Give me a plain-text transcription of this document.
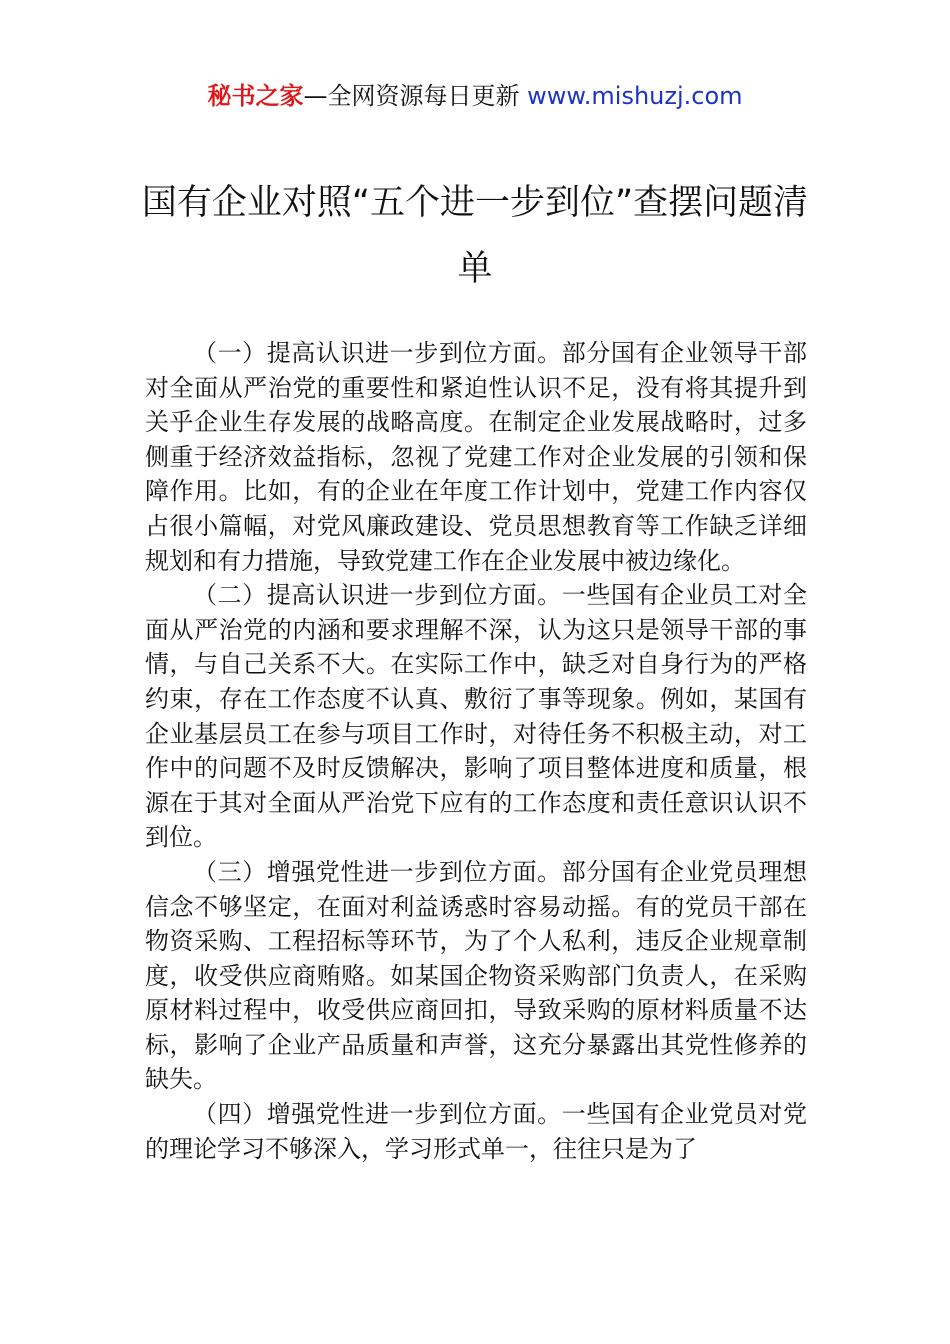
秘书之家—全网资源每日更新 www.mishuzj.com
国有企业对照“五个进一步到位”查摆问题清单

（一）提高认识进一步到位方面。部分国有企业领导干部对全面从严治党的重要性和紧迫性认识不足，没有将其提升到关乎企业生存发展的战略高度。在制定企业发展战略时，过多侧重于经济效益指标，忽视了党建工作对企业发展的引领和保障作用。比如，有的企业在年度工作计划中，党建工作内容仅占很小篇幅，对党风廉政建设、党员思想教育等工作缺乏详细规划和有力措施，导致党建工作在企业发展中被边缘化。

（二）提高认识进一步到位方面。一些国有企业员工对全面从严治党的内涵和要求理解不深，认为这只是领导干部的事情，与自己关系不大。在实际工作中，缺乏对自身行为的严格约束，存在工作态度不认真、敷衍了事等现象。例如，某国有企业基层员工在参与项目工作时，对待任务不积极主动，对工作中的问题不及时反馈解决，影响了项目整体进度和质量，根源在于其对全面从严治党下应有的工作态度和责任意识认识不到位。

（三）增强党性进一步到位方面。部分国有企业党员理想信念不够坚定，在面对利益诱惑时容易动摇。有的党员干部在物资采购、工程招标等环节，为了个人私利，违反企业规章制度，收受供应商贿赂。如某国企物资采购部门负责人，在采购原材料过程中，收受供应商回扣，导致采购的原材料质量不达标，影响了企业产品质量和声誉，这充分暴露出其党性修养的缺失。

（四）增强党性进一步到位方面。一些国有企业党员对党的理论学习不够深入，学习形式单一，往往只是为了
